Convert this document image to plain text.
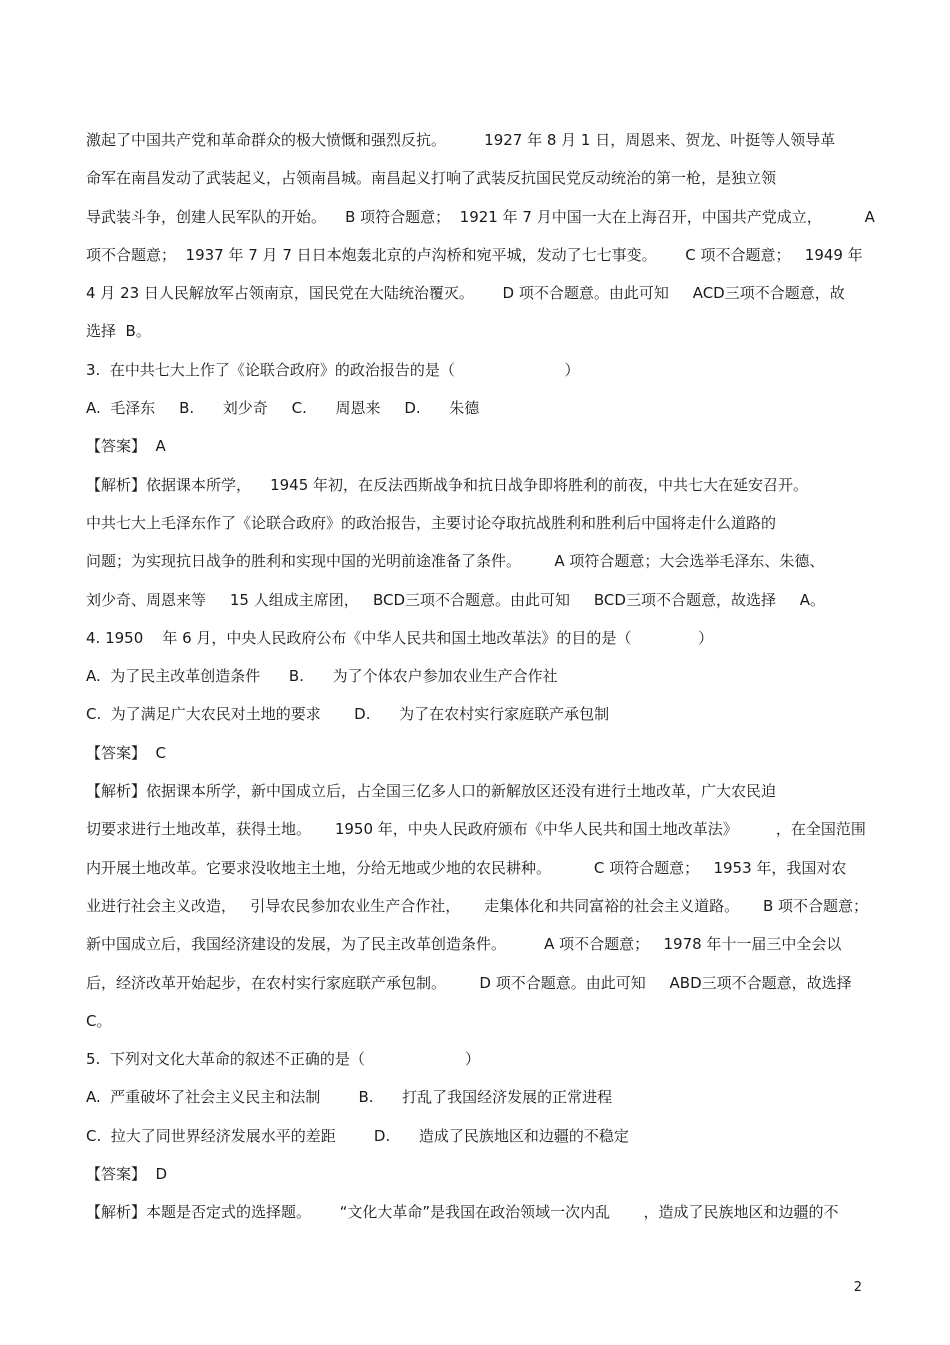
激起了中国共产党和革命群众的极大愤慨和强烈反抗。        1927 年 8 月 1 日，周恩来、贺龙、叶挺等人领导革
命军在南昌发动了武装起义，占领南昌城。南昌起义打响了武装反抗国民党反动统治的第一枪，是独立领
导武装斗争，创建人民军队的开始。    B 项符合题意；  1921 年 7 月中国一大在上海召开，中国共产党成立，         A
项不合题意；  1937 年 7 月 7 日日本炮轰北京的卢沟桥和宛平城，发动了七七事变。      C 项不合题意；   1949 年
4 月 23 日人民解放军占领南京，国民党在大陆统治覆灭。      D 项不合题意。由此可知     ACD三项不合题意，故
选择  B。
3.  在中共七大上作了《论联合政府》的政治报告的是（                       ）
A.  毛泽东     B.      刘少奇     C.      周恩来     D.      朱德
【答案】  A
【解析】依据课本所学，    1945 年初，在反法西斯战争和抗日战争即将胜利的前夜，中共七大在延安召开。
中共七大上毛泽东作了《论联合政府》的政治报告，主要讨论夺取抗战胜利和胜利后中国将走什么道路的
问题；为实现抗日战争的胜利和实现中国的光明前途准备了条件。       A 项符合题意；大会选举毛泽东、朱德、
刘少奇、周恩来等     15 人组成主席团，   BCD三项不合题意。由此可知     BCD三项不合题意，故选择     A。
4. 1950    年 6 月，中央人民政府公布《中华人民共和国土地改革法》的目的是（              ）
A.  为了民主改革创造条件      B.      为了个体农户参加农业生产合作社
C.  为了满足广大农民对土地的要求       D.      为了在农村实行家庭联产承包制
【答案】  C
【解析】依据课本所学，新中国成立后，占全国三亿多人口的新解放区还没有进行土地改革，广大农民迫
切要求进行土地改革，获得土地。     1950 年，中央人民政府颁布《中华人民共和国土地改革法》        ，在全国范围
内开展土地改革。它要求没收地主土地，分给无地或少地的农民耕种。         C 项符合题意；   1953 年，我国对农
业进行社会主义改造，   引导农民参加农业生产合作社，     走集体化和共同富裕的社会主义道路。     B 项不合题意；
新中国成立后，我国经济建设的发展，为了民主改革创造条件。        A 项不合题意；   1978 年十一届三中全会以
后，经济改革开始起步，在农村实行家庭联产承包制。       D 项不合题意。由此可知     ABD三项不合题意，故选择
C。
5.  下列对文化大革命的叙述不正确的是（                     ）
A.  严重破坏了社会主义民主和法制        B.      打乱了我国经济发展的正常进程
C.  拉大了同世界经济发展水平的差距        D.      造成了民族地区和边疆的不稳定
【答案】  D
【解析】本题是否定式的选择题。      “文化大革命”是我国在政治领域一次内乱       ，造成了民族地区和边疆的不
2
